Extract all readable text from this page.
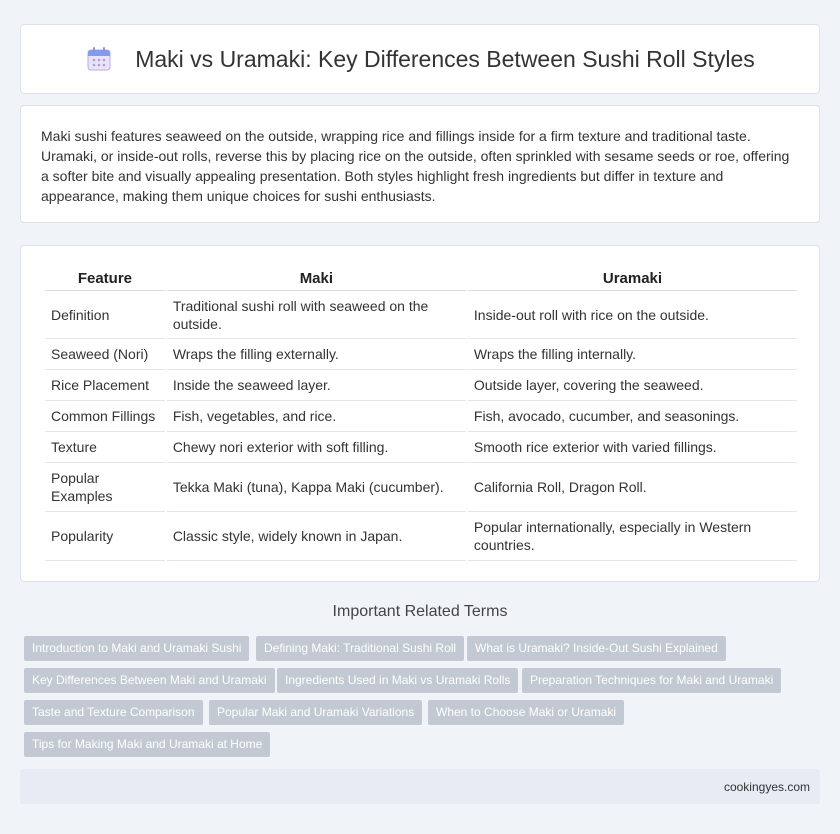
Maki vs Uramaki: Key Differences Between Sushi Roll Styles

Maki sushi features seaweed on the outside, wrapping rice and fillings inside for a firm texture and traditional taste. Uramaki, or inside-out rolls, reverse this by placing rice on the outside, often sprinkled with sesame seeds or roe, offering a softer bite and visually appealing presentation. Both styles highlight fresh ingredients but differ in texture and appearance, making them unique choices for sushi enthusiasts.

Feature	Maki	Uramaki
Definition	Traditional sushi roll with seaweed on the outside.	Inside-out roll with rice on the outside.
Seaweed (Nori)	Wraps the filling externally.	Wraps the filling internally.
Rice Placement	Inside the seaweed layer.	Outside layer, covering the seaweed.
Common Fillings	Fish, vegetables, and rice.	Fish, avocado, cucumber, and seasonings.
Texture	Chewy nori exterior with soft filling.	Smooth rice exterior with varied fillings.
Popular Examples	Tekka Maki (tuna), Kappa Maki (cucumber).	California Roll, Dragon Roll.
Popularity	Classic style, widely known in Japan.	Popular internationally, especially in Western countries.
Important Related Terms
Introduction to Maki and Uramaki Sushi	Defining Maki: Traditional Sushi Roll	What is Uramaki? Inside-Out Sushi Explained
Key Differences Between Maki and Uramaki	Ingredients Used in Maki vs Uramaki Rolls	Preparation Techniques for Maki and Uramaki
Taste and Texture Comparison	Popular Maki and Uramaki Variations	When to Choose Maki or Uramaki
Tips for Making Maki and Uramaki at Home
cookingyes.com
